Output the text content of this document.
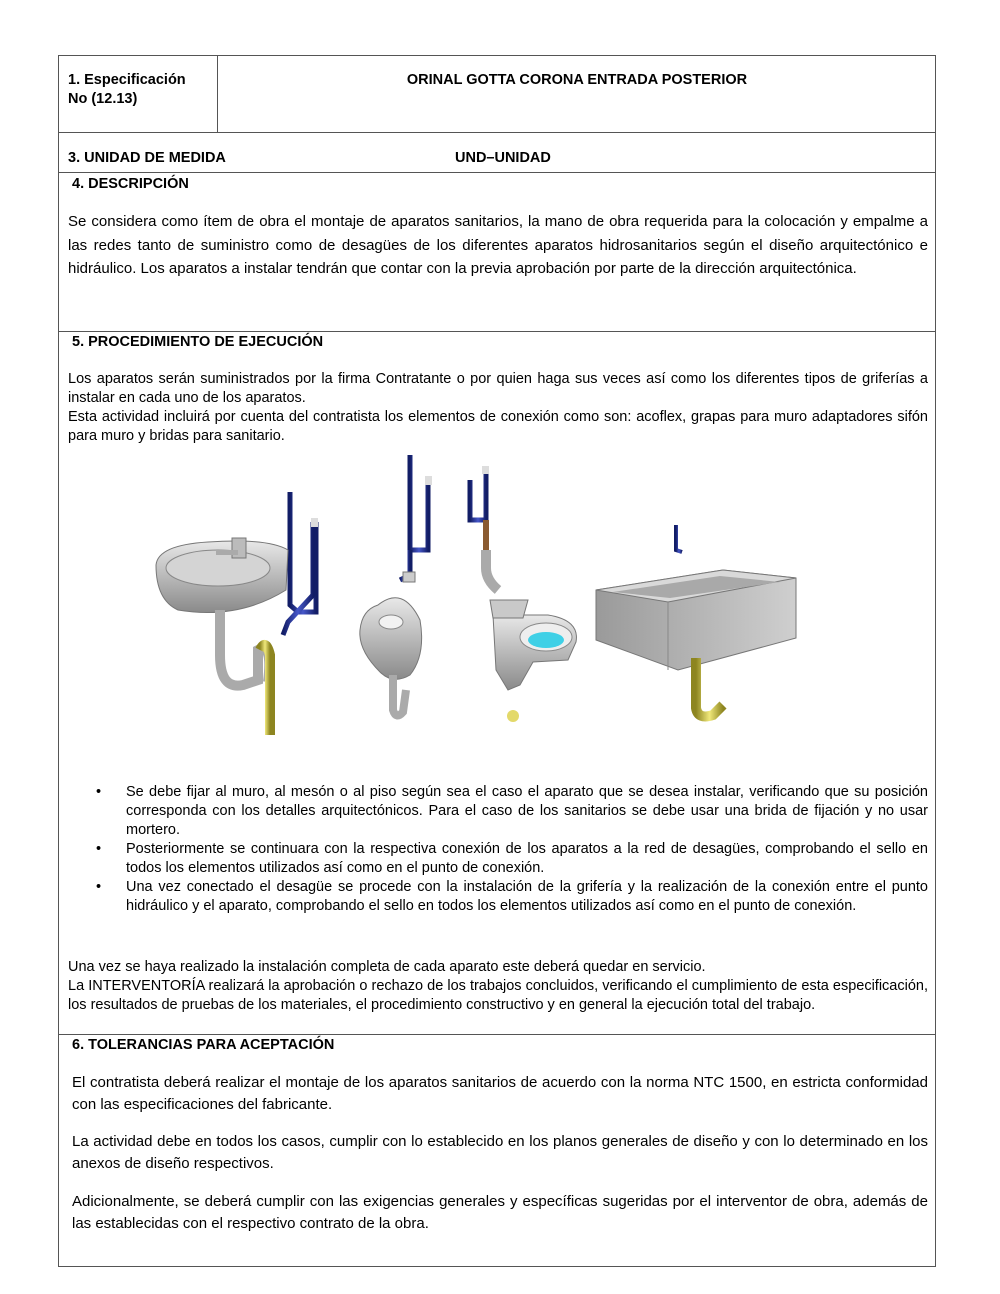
1. Especificación
No (12.13)
ORINAL GOTTA CORONA ENTRADA POSTERIOR
3. UNIDAD DE MEDIDA	UND–UNIDAD
4. DESCRIPCIÓN
Se considera como ítem de obra el montaje de aparatos sanitarios, la mano de obra requerida para la colocación y empalme a las redes tanto de suministro como de desagües de los diferentes aparatos hidrosanitarios según el diseño arquitectónico e hidráulico. Los aparatos a instalar tendrán que contar con la previa aprobación por parte de la dirección arquitectónica.
5. PROCEDIMIENTO DE EJECUCIÓN

Los aparatos serán suministrados por la firma Contratante o por quien haga sus veces así como los diferentes tipos de griferías a instalar en cada uno de los aparatos.

Esta actividad incluirá por cuenta del contratista los elementos de conexión como son: acoflex, grapas para muro adaptadores sifón para muro y bridas para sanitario.

• Se debe fijar al muro, al mesón o al piso según sea el caso el aparato que se desea instalar, verificando que su posición corresponda con los detalles arquitectónicos. Para el caso de los sanitarios se debe usar una brida de fijación y no usar mortero.
• Posteriormente se continuara con la respectiva conexión de los aparatos a la red de desagües, comprobando el sello en todos los elementos utilizados así como en el punto de conexión.
• Una vez conectado el desagüe se procede con la instalación de la grifería y la realización de la conexión entre el punto hidráulico y el aparato, comprobando el sello en todos los elementos utilizados así como en el punto de conexión.

Una vez se haya realizado la instalación completa de cada aparato este deberá quedar en servicio.

La INTERVENTORÍA realizará la aprobación o rechazo de los trabajos concluidos, verificando el cumplimiento de esta especificación, los resultados de pruebas de los materiales, el procedimiento constructivo y en general la ejecución total del trabajo.

6. TOLERANCIAS PARA ACEPTACIÓN
El contratista deberá realizar el montaje de los aparatos sanitarios de acuerdo con la norma NTC 1500, en estricta conformidad con las especificaciones del fabricante.
La actividad debe en todos los casos, cumplir con lo establecido en los planos generales de diseño y con lo determinado en los anexos de diseño respectivos.
Adicionalmente, se deberá cumplir con las exigencias generales y específicas sugeridas por el interventor de obra, además de las establecidas con el respectivo contrato de la obra.
